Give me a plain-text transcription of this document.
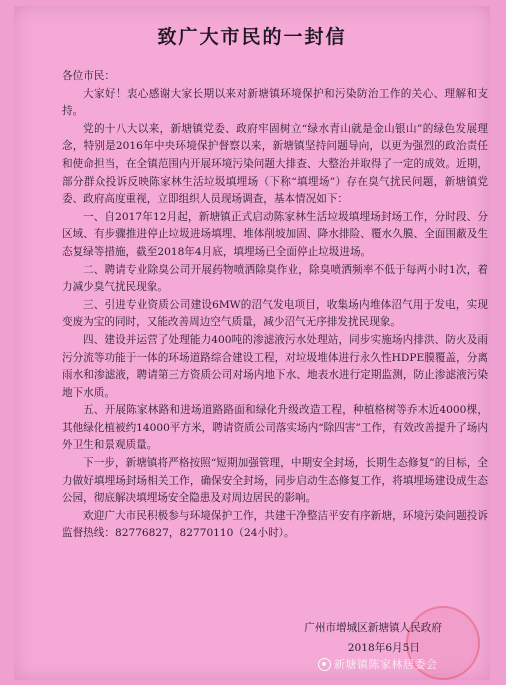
致广大市民的一封信

各位市民：

大家好！衷心感谢大家长期以来对新塘镇环境保护和污染防治工作的关心、理解和支持。

党的十八大以来，新塘镇党委、政府牢固树立“绿水青山就是金山银山”的绿色发展理念，特别是2016年中央环境保护督察以来，新塘镇坚持问题导向，以更为强烈的政治责任和使命担当，在全镇范围内开展环境污染问题大排查、大整治并取得了一定的成效。近期，部分群众投诉反映陈家林生活垃圾填埋场（下称“填埋场”）存在臭气扰民问题，新塘镇党委、政府高度重视，立即组织人员现场调查，基本情况如下：

一、自2017年12月起，新塘镇正式启动陈家林生活垃圾填埋场封场工作，分时段、分区域、有步骤推进停止垃圾进场填埋、堆体削坡加固、降水排险、覆水久膜、全面围蔽及生态复绿等措施，截至2018年4月底，填埋场已全面停止垃圾进场。

二、聘请专业除臭公司开展药物喷洒除臭作业，除臭喷洒频率不低于每两小时1次，着力减少臭气扰民现象。

三、引进专业资质公司建设6MW的沼气发电项目，收集场内堆体沼气用于发电，实现变废为宝的同时，又能改善周边空气质量，减少沼气无序排发扰民现象。

四、建设并运营了处理能力400吨的渗滤液污水处理站，同步实施场内排洪、防火及雨污分流等功能于一体的环场道路综合建设工程，对垃圾堆体进行永久性HDPE膜覆盖，分离雨水和渗滤液，聘请第三方资质公司对场内地下水、地表水进行定期监测，防止渗滤液污染地下水质。

五、开展陈家林路和进场道路路面和绿化升级改造工程，种植格树等乔木近4000棵，其他绿化植被约14000平方米，聘请资质公司落实场内“除四害”工作，有效改善提升了场内外卫生和景观质量。

下一步，新塘镇将严格按照“短期加强管理，中期安全封场，长期生态修复”的目标，全力做好填埋场封场相关工作，确保安全封场，同步启动生态修复工作，将填埋场建设成生态公园，彻底解决填埋场安全隐患及对周边居民的影响。

欢迎广大市民积极参与环境保护工作，共建干净整洁平安有序新塘，环境污染问题投诉监督热线：82776827，82770110（24小时）。

广州市增城区新塘镇人民政府
2018年6月5日
新塘镇陈家林居委会
